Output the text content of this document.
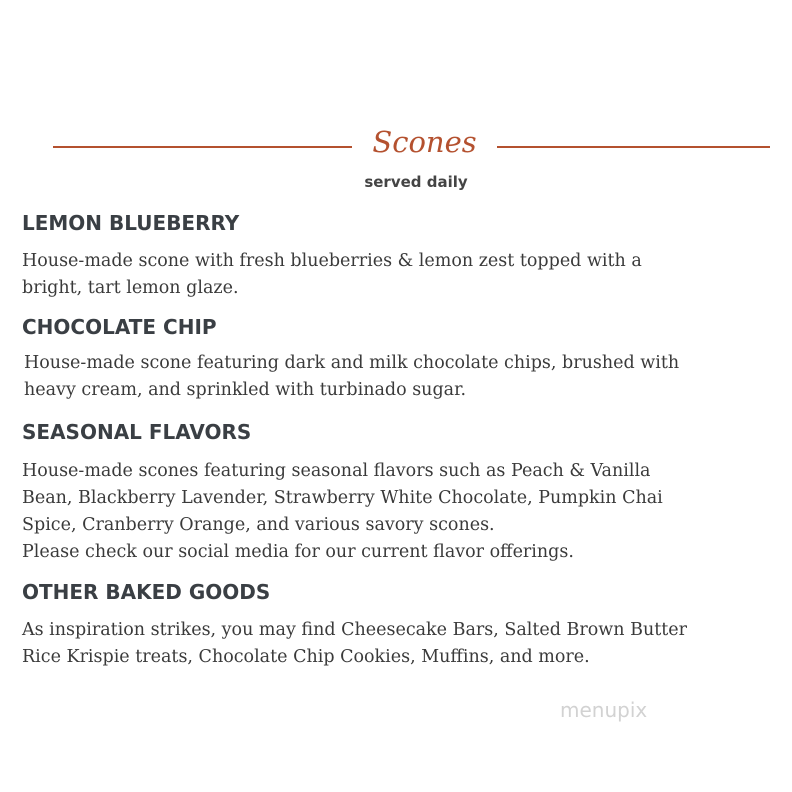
Scones
served daily
LEMON BLUEBERRY
House-made scone with fresh blueberries & lemon zest topped with a
bright, tart lemon glaze.
CHOCOLATE CHIP
House-made scone featuring dark and milk chocolate chips, brushed with
heavy cream, and sprinkled with turbinado sugar.
SEASONAL FLAVORS
House-made scones featuring seasonal flavors such as Peach & Vanilla
Bean, Blackberry Lavender, Strawberry White Chocolate, Pumpkin Chai
Spice, Cranberry Orange, and various savory scones.
Please check our social media for our current flavor offerings.
OTHER BAKED GOODS
As inspiration strikes, you may find Cheesecake Bars, Salted Brown Butter
Rice Krispie treats, Chocolate Chip Cookies, Muffins, and more.
menupix
